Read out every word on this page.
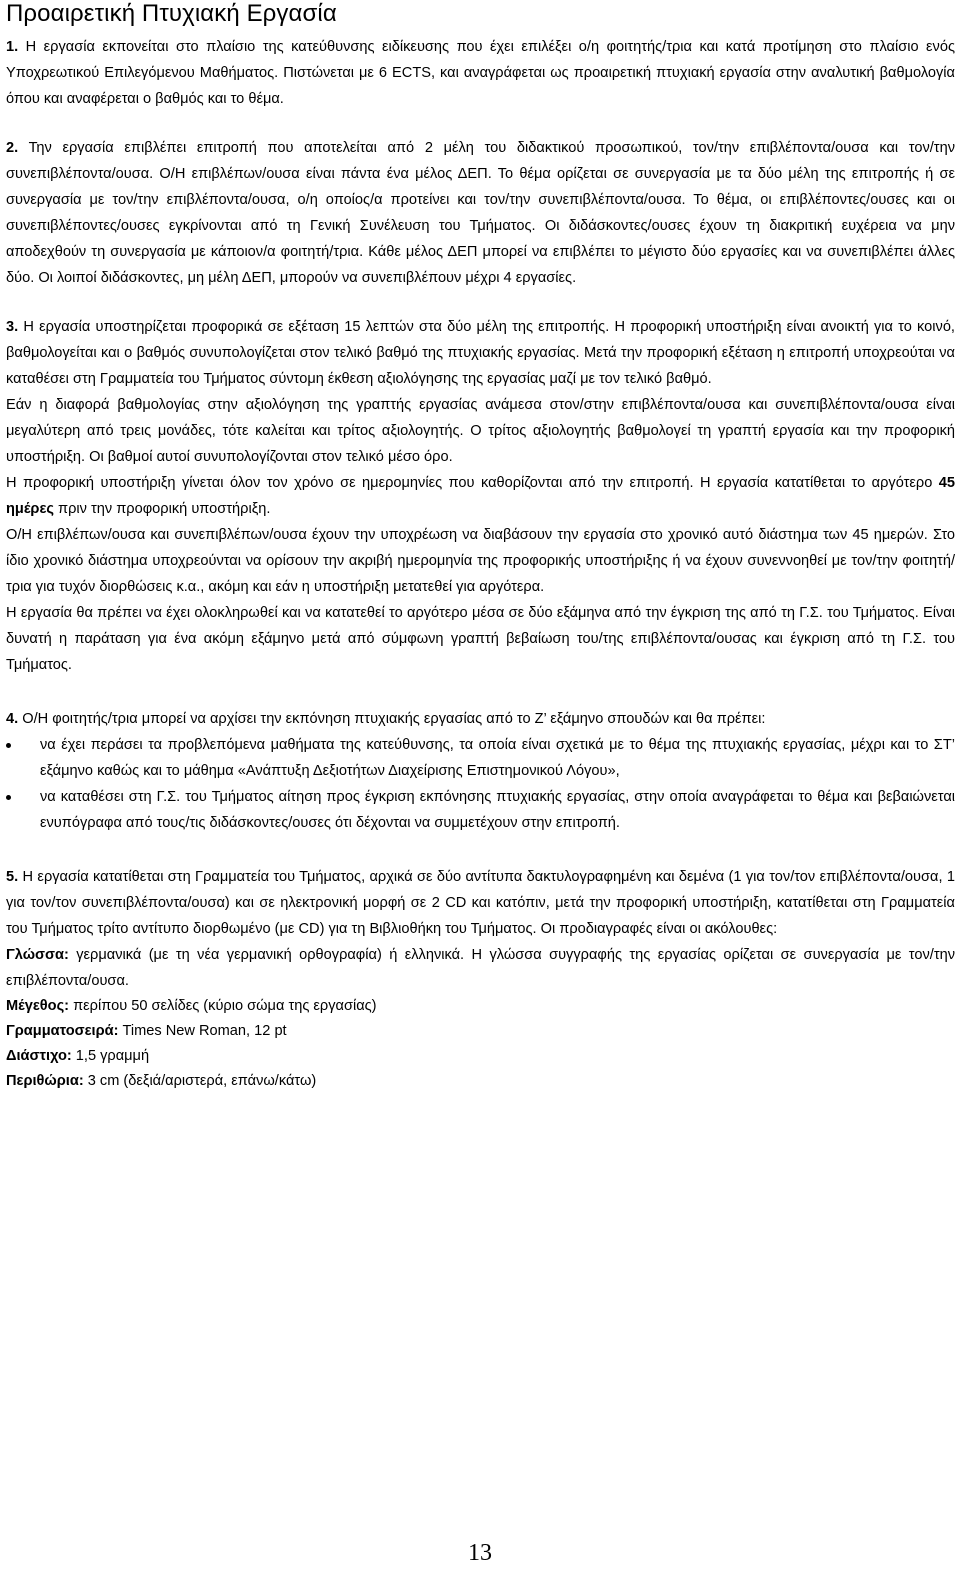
Προαιρετική Πτυχιακή Εργασία

1. Η εργασία εκπονείται στο πλαίσιο της κατεύθυνσης ειδίκευσης που έχει επιλέξει ο/η φοιτητής/τρια και κατά προτίμηση στο πλαίσιο ενός Υποχρεωτικού Επιλεγόμενου Μαθήματος. Πιστώνεται με 6 ECTS, και αναγράφεται ως προαιρετική πτυχιακή εργασία στην αναλυτική βαθμολογία όπου και αναφέρεται ο βαθμός και το θέμα.

2. Την εργασία επιβλέπει επιτροπή που αποτελείται από 2 μέλη του διδακτικού προσωπικού, τον/την επιβλέποντα/ουσα και τον/την συνεπιβλέποντα/ουσα. Ο/Η επιβλέπων/ουσα είναι πάντα ένα μέλος ΔΕΠ. Το θέμα ορίζεται σε συνεργασία με τα δύο μέλη της επιτροπής ή σε συνεργασία με τον/την επιβλέποντα/ουσα, ο/η οποίος/α προτείνει και τον/την συνεπιβλέποντα/ουσα. Το θέμα, οι επιβλέποντες/ουσες και οι συνεπιβλέποντες/ουσες εγκρίνονται από τη Γενική Συνέλευση του Τμήματος. Οι διδάσκοντες/ουσες έχουν τη διακριτική ευχέρεια να μην αποδεχθούν τη συνεργασία με κάποιον/α φοιτητή/τρια. Κάθε μέλος ΔΕΠ μπορεί να επιβλέπει το μέγιστο δύο εργασίες και να συνεπιβλέπει άλλες δύο. Οι λοιποί διδάσκοντες, μη μέλη ΔΕΠ, μπορούν να συνεπιβλέπουν μέχρι 4 εργασίες.

3. Η εργασία υποστηρίζεται προφορικά σε εξέταση 15 λεπτών στα δύο μέλη της επιτροπής. Η προφορική υποστήριξη είναι ανοικτή για το κοινό, βαθμολογείται και ο βαθμός συνυπολογίζεται στον τελικό βαθμό της πτυχιακής εργασίας. Μετά την προφορική εξέταση η επιτροπή υποχρεούται να καταθέσει στη Γραμματεία του Τμήματος σύντομη έκθεση αξιολόγησης της εργασίας μαζί με τον τελικό βαθμό.

Εάν η διαφορά βαθμολογίας στην αξιολόγηση της γραπτής εργασίας ανάμεσα στον/στην επιβλέποντα/ουσα και συνεπιβλέποντα/ουσα είναι μεγαλύτερη από τρεις μονάδες, τότε καλείται και τρίτος αξιολογητής. Ο τρίτος αξιολογητής βαθμολογεί τη γραπτή εργασία και την προφορική υποστήριξη. Οι βαθμοί αυτοί συνυπολογίζονται στον τελικό μέσο όρο.

Η προφορική υποστήριξη γίνεται όλον τον χρόνο σε ημερομηνίες που καθορίζονται από την επιτροπή. Η εργασία κατατίθεται το αργότερο 45 ημέρες πριν την προφορική υποστήριξη.

Ο/Η επιβλέπων/ουσα και συνεπιβλέπων/ουσα έχουν την υποχρέωση να διαβάσουν την εργασία στο χρονικό αυτό διάστημα των 45 ημερών. Στο ίδιο χρονικό διάστημα υποχρεούνται να ορίσουν την ακριβή ημερομηνία της προφορικής υποστήριξης ή να έχουν συνεννοηθεί με τον/την φοιτητή/τρια για τυχόν διορθώσεις κ.α., ακόμη και εάν η υποστήριξη μετατεθεί για αργότερα.

Η εργασία θα πρέπει να έχει ολοκληρωθεί και να κατατεθεί το αργότερο μέσα σε δύο εξάμηνα από την έγκριση της από τη Γ.Σ. του Τμήματος. Είναι δυνατή η παράταση για ένα ακόμη εξάμηνο μετά από σύμφωνη γραπτή βεβαίωση του/της επιβλέποντα/ουσας και έγκριση από τη Γ.Σ. του Τμήματος.

4. Ο/Η φοιτητής/τρια μπορεί να αρχίσει την εκπόνηση πτυχιακής εργασίας από το Ζ’ εξάμηνο σπουδών και θα πρέπει:

να έχει περάσει τα προβλεπόμενα μαθήματα της κατεύθυνσης, τα οποία είναι σχετικά με το θέμα της πτυχιακής εργασίας, μέχρι και το ΣΤ’ εξάμηνο καθώς και το μάθημα «Ανάπτυξη Δεξιοτήτων Διαχείρισης Επιστημονικού Λόγου»,
να καταθέσει στη Γ.Σ. του Τμήματος αίτηση προς έγκριση εκπόνησης πτυχιακής εργασίας, στην οποία αναγράφεται το θέμα και βεβαιώνεται ενυπόγραφα από τους/τις διδάσκοντες/ουσες ότι δέχονται να συμμετέχουν στην επιτροπή.

5. Η εργασία κατατίθεται στη Γραμματεία του Τμήματος, αρχικά σε δύο αντίτυπα δακτυλογραφημένη και δεμένα (1 για τον/τον επιβλέποντα/ουσα, 1 για τον/τον συνεπιβλέποντα/ουσα) και σε ηλεκτρονική μορφή σε 2 CD και κατόπιν, μετά την προφορική υποστήριξη, κατατίθεται στη Γραμματεία του Τμήματος τρίτο αντίτυπο διορθωμένο (με CD) για τη Βιβλιοθήκη του Τμήματος. Οι προδιαγραφές είναι οι ακόλουθες:

Γλώσσα: γερμανικά (με τη νέα γερμανική ορθογραφία) ή ελληνικά. Η γλώσσα συγγραφής της εργασίας ορίζεται σε συνεργασία με τον/την επιβλέποντα/ουσα.

Μέγεθος: περίπου 50 σελίδες (κύριο σώμα της εργασίας)

Γραμματοσειρά: Times New Roman, 12 pt

Διάστιχο: 1,5 γραμμή

Περιθώρια: 3 cm (δεξιά/αριστερά, επάνω/κάτω)

13
